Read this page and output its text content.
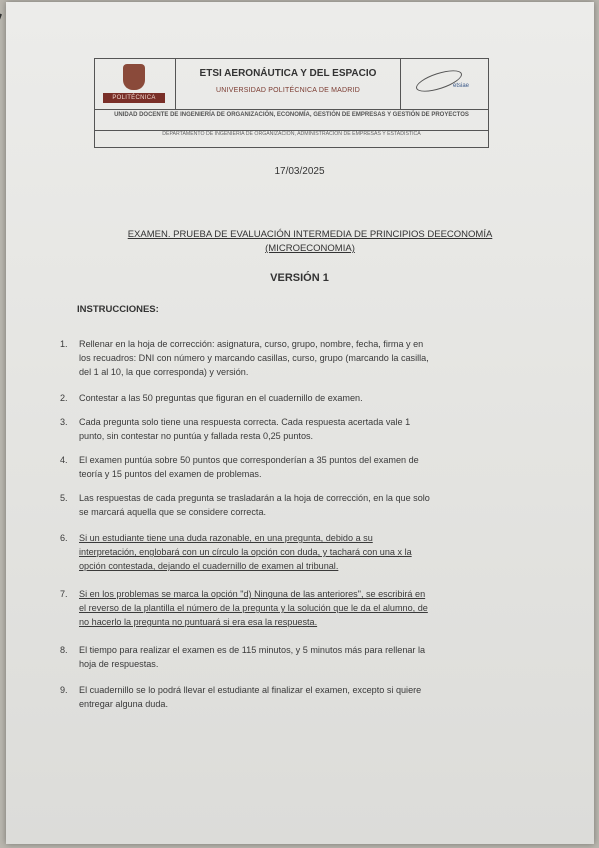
POLITÉCNICA
ETSI AERONÁUTICA Y DEL ESPACIO
UNIVERSIDAD POLITÉCNICA DE MADRID
etsiae
UNIDAD DOCENTE DE INGENIERÍA DE ORGANIZACIÓN, ECONOMÍA, GESTIÓN DE EMPRESAS Y GESTIÓN DE PROYECTOS
DEPARTAMENTO DE INGENIERÍA DE ORGANIZACIÓN, ADMINISTRACIÓN DE EMPRESAS Y ESTADÍSTICA
17/03/2025
EXAMEN. PRUEBA DE EVALUACIÓN INTERMEDIA DE PRINCIPIOS DEECONOMÍA
(MICROECONOMIA)
VERSIÓN 1
INSTRUCCIONES:
1. Rellenar en la hoja de corrección: asignatura, curso, grupo, nombre, fecha, firma y en
los recuadros: DNI con número y marcando casillas, curso, grupo (marcando la casilla,
del 1 al 10, la que corresponda) y versión.
2. Contestar a las 50 preguntas que figuran en el cuadernillo de examen.
3. Cada pregunta solo tiene una respuesta correcta. Cada respuesta acertada vale 1
punto, sin contestar no puntúa y fallada resta 0,25 puntos.
4. El examen puntúa sobre 50 puntos que corresponderían a 35 puntos del examen de
teoría y 15 puntos del examen de problemas.
5. Las respuestas de cada pregunta se trasladarán a la hoja de corrección, en la que solo
se marcará aquella que se considere correcta.
6. Si un estudiante tiene una duda razonable, en una pregunta, debido a su
interpretación, englobará con un círculo la opción con duda, y tachará con una x la
opción contestada, dejando el cuadernillo de examen al tribunal.
7. Si en los problemas se marca la opción "d) Ninguna de las anteriores", se escribirá en
el reverso de la plantilla el número de la pregunta y la solución que le da el alumno, de
no hacerlo la pregunta no puntuará si era esa la respuesta.
8. El tiempo para realizar el examen es de 115 minutos, y 5 minutos más para rellenar la
hoja de respuestas.
9. El cuadernillo se lo podrá llevar el estudiante al finalizar el examen, excepto si quiere
entregar alguna duda.
